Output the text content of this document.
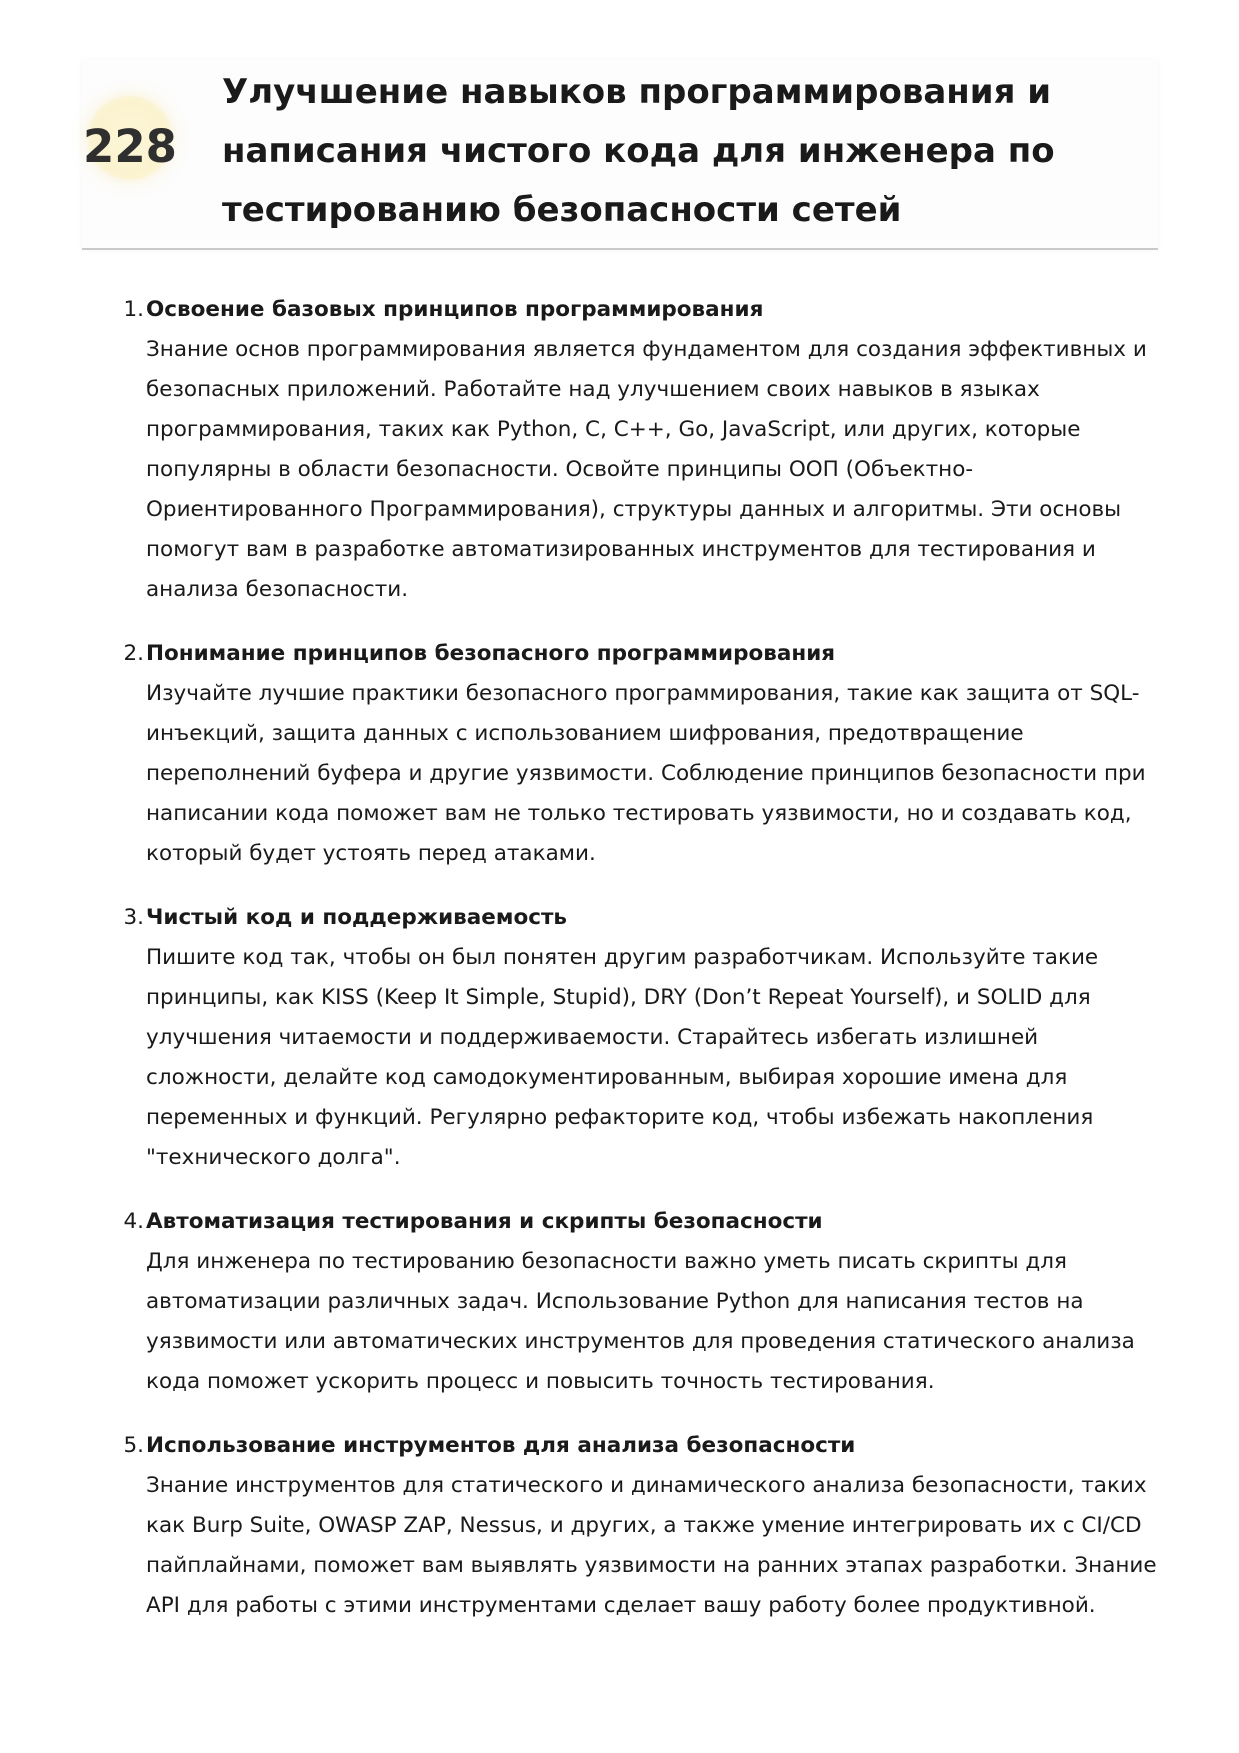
228
Улучшение навыков программирования и написания чистого кода для инженера по тестированию безопасности сетей
1. Освоение базовых принципов программирования

Знание основ программирования является фундаментом для создания эффективных и безопасных приложений. Работайте над улучшением своих навыков в языках программирования, таких как Python, C, C++, Go, JavaScript, или других, которые популярны в области безопасности. Освойте принципы ООП (Объектно-Ориентированного Программирования), структуры данных и алгоритмы. Эти основы помогут вам в разработке автоматизированных инструментов для тестирования и анализа безопасности.

2. Понимание принципов безопасного программирования

Изучайте лучшие практики безопасного программирования, такие как защита от SQL-инъекций, защита данных с использованием шифрования, предотвращение переполнений буфера и другие уязвимости. Соблюдение принципов безопасности при написании кода поможет вам не только тестировать уязвимости, но и создавать код, который будет устоять перед атаками.

3. Чистый код и поддерживаемость

Пишите код так, чтобы он был понятен другим разработчикам. Используйте такие принципы, как KISS (Keep It Simple, Stupid), DRY (Don’t Repeat Yourself), и SOLID для улучшения читаемости и поддерживаемости. Старайтесь избегать излишней сложности, делайте код самодокументированным, выбирая хорошие имена для переменных и функций. Регулярно рефакторите код, чтобы избежать накопления "технического долга".

4. Автоматизация тестирования и скрипты безопасности

Для инженера по тестированию безопасности важно уметь писать скрипты для автоматизации различных задач. Использование Python для написания тестов на уязвимости или автоматических инструментов для проведения статического анализа кода поможет ускорить процесс и повысить точность тестирования.

5. Использование инструментов для анализа безопасности

Знание инструментов для статического и динамического анализа безопасности, таких как Burp Suite, OWASP ZAP, Nessus, и других, а также умение интегрировать их с CI/CD пайплайнами, поможет вам выявлять уязвимости на ранних этапах разработки. Знание API для работы с этими инструментами сделает вашу работу более продуктивной.
